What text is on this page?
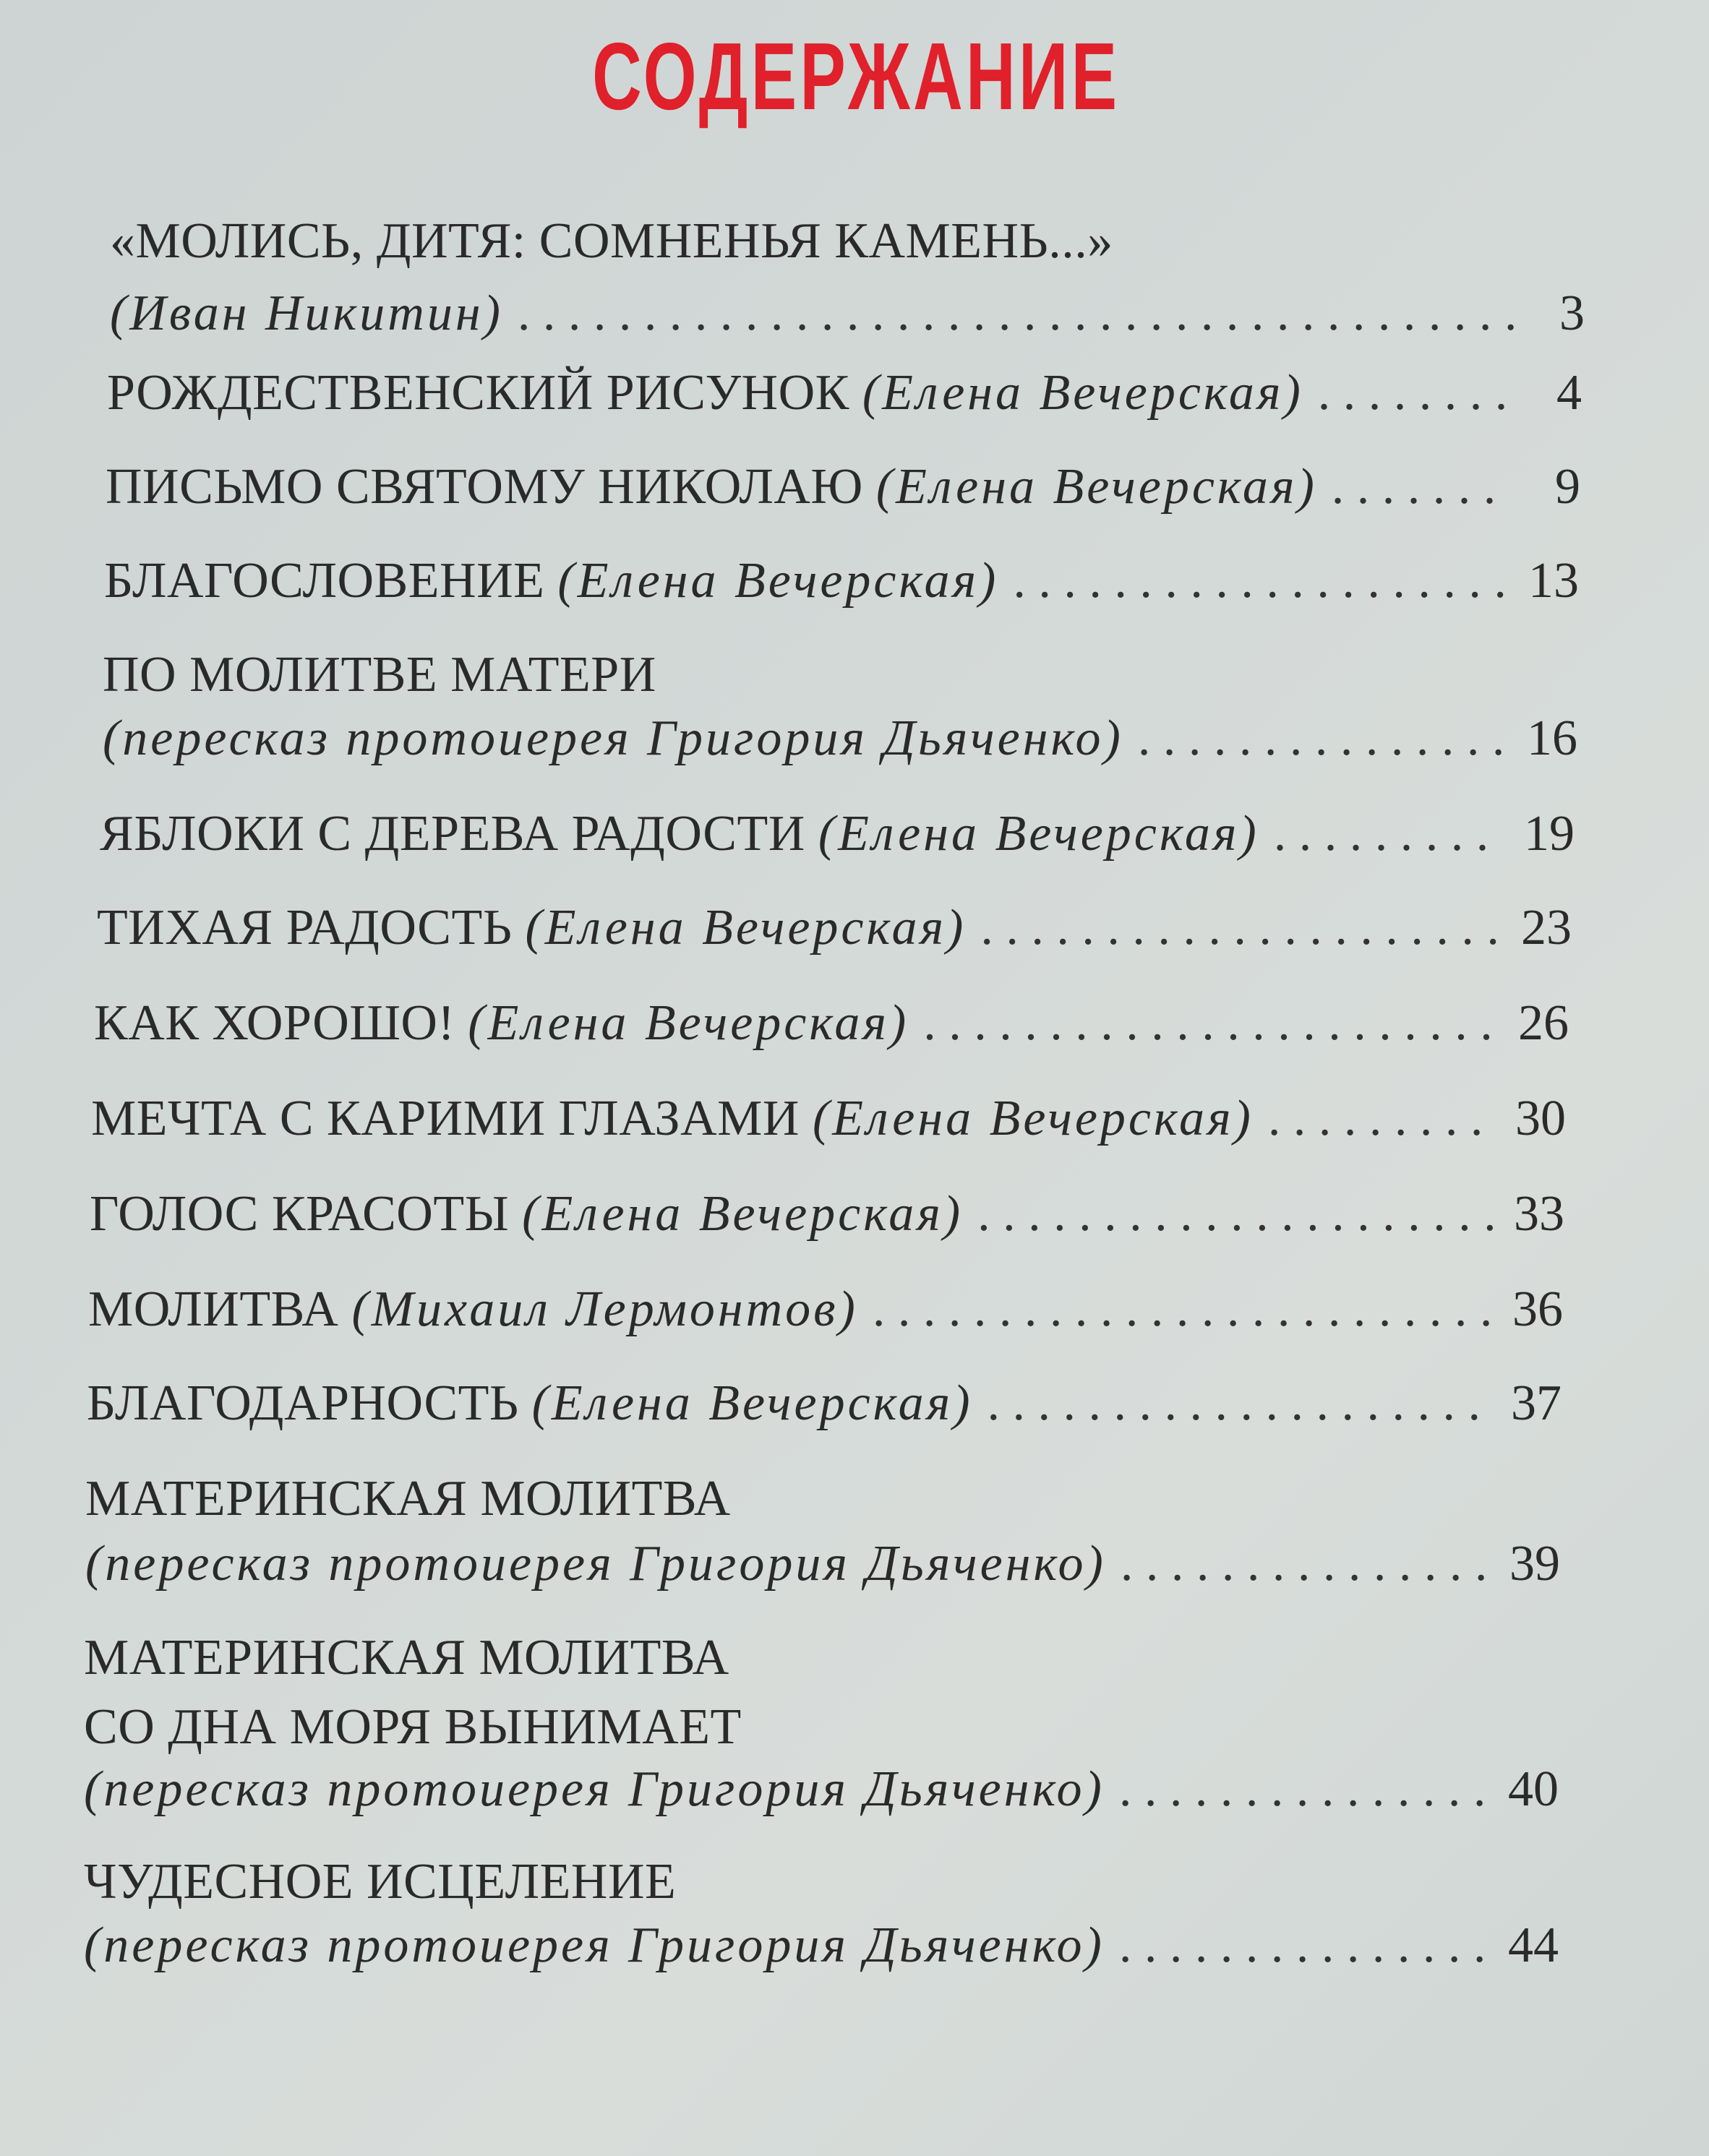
СОДЕРЖАНИЕ
«МОЛИСЬ, ДИТЯ: СОМНЕНЬЯ КАМЕНЬ...»
(Иван Никитин) . . .	3
РОЖДЕСТВЕНСКИЙ РИСУНОК (Елена Вечерская) . . .	4
ПИСЬМО СВЯТОМУ НИКОЛАЮ (Елена Вечерская) . . .	9
БЛАГОСЛОВЕНИЕ (Елена Вечерская) . . .	13
ПО МОЛИТВЕ МАТЕРИ
(пересказ протоиерея Григория Дьяченко) . . .	16
ЯБЛОКИ С ДЕРЕВА РАДОСТИ (Елена Вечерская) . . .	19
ТИХАЯ РАДОСТЬ (Елена Вечерская) . . .	23
КАК ХОРОШО! (Елена Вечерская) . . .	26
МЕЧТА С КАРИМИ ГЛАЗАМИ (Елена Вечерская) . . .	30
ГОЛОС КРАСОТЫ (Елена Вечерская) . . .	33
МОЛИТВА (Михаил Лермонтов) . . .	36
БЛАГОДАРНОСТЬ (Елена Вечерская) . . .	37
МАТЕРИНСКАЯ МОЛИТВА
(пересказ протоиерея Григория Дьяченко) . . .	39
МАТЕРИНСКАЯ МОЛИТВА
СО ДНА МОРЯ ВЫНИМАЕТ
(пересказ протоиерея Григория Дьяченко) . . .	40
ЧУДЕСНОЕ ИСЦЕЛЕНИЕ
(пересказ протоиерея Григория Дьяченко) . . .	44
